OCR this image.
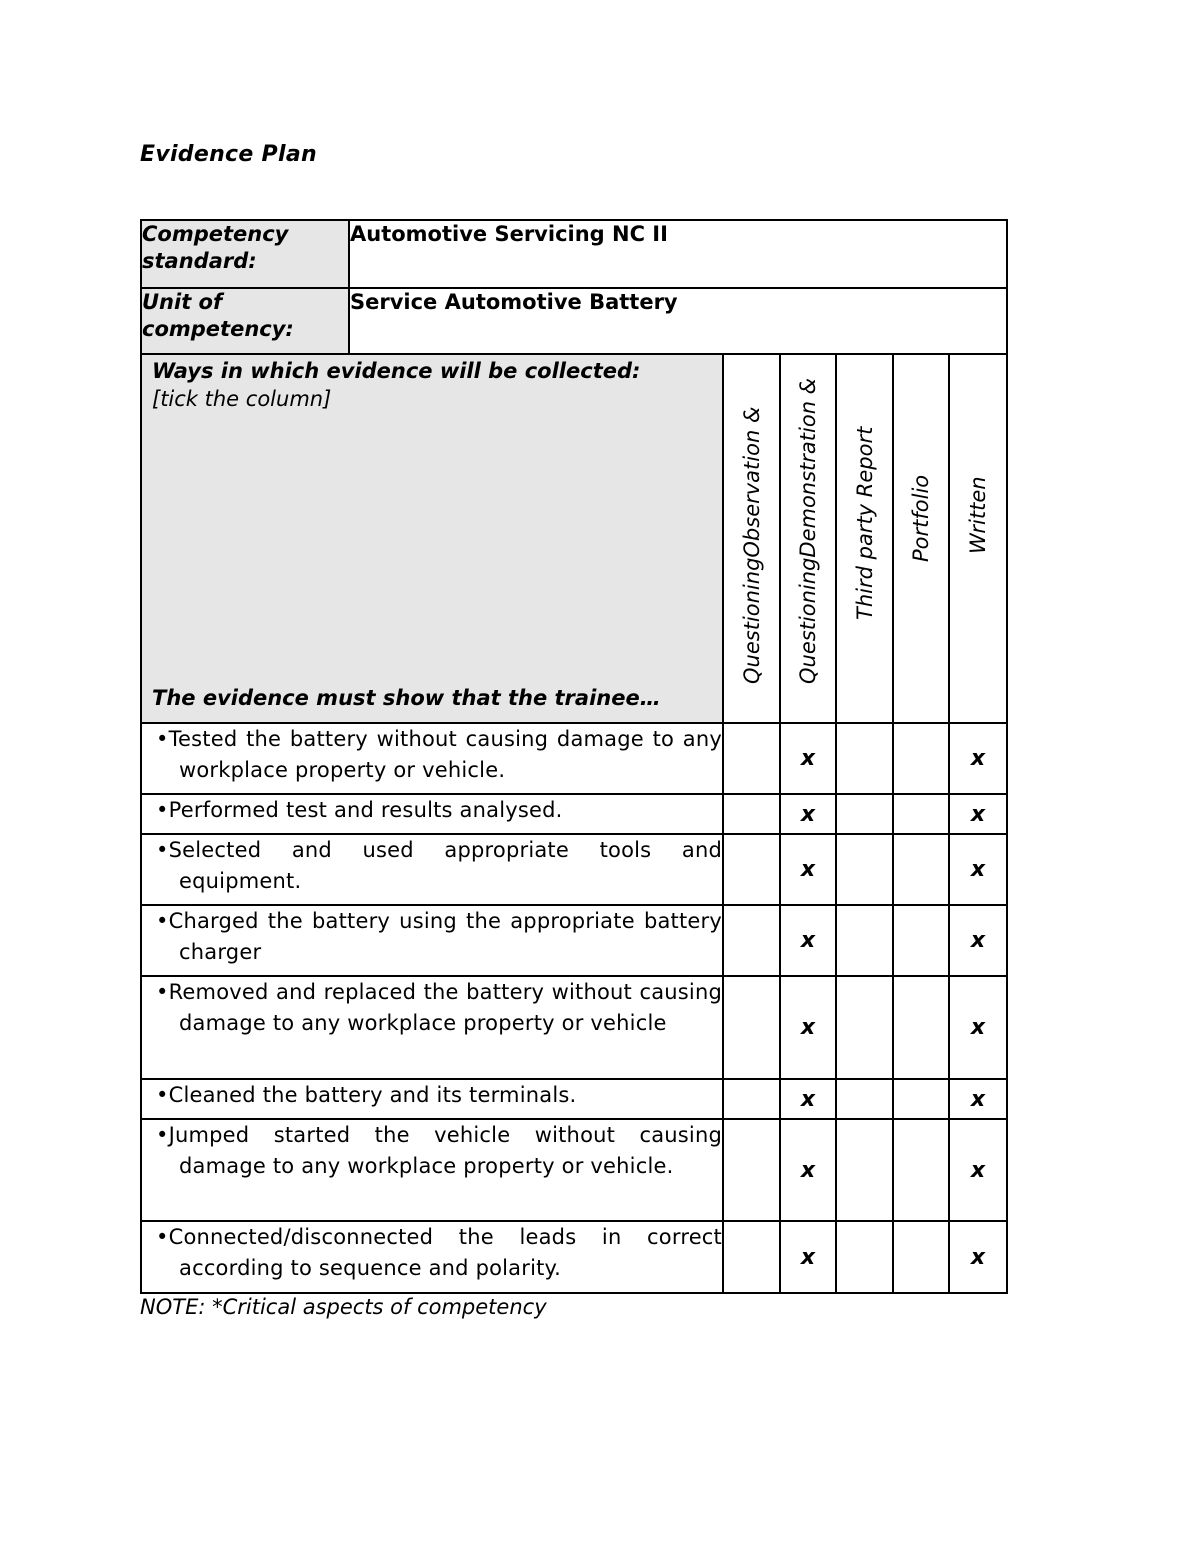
Evidence Plan
Competency standard:	Automotive Servicing NC II					
Unit of competency:	Service Automotive Battery					

Ways in which evidence will be collected:
[tick the column]
The evidence must show that the trainee…		QuestioningObservation &	QuestioningDemonstration &	Third party Report	Portfolio	Written

•Tested the battery without causing damage to any workplace property or vehicle.			x			x

•Performed test and results analysed.			x			x

•Selected and used appropriate tools and equipment.			x			x

•Charged the battery using the appropriate battery charger			x			x

•Removed and replaced the battery without causing damage to any workplace property or vehicle			x			x

•Cleaned the battery and its terminals.			x			x

•Jumped started the vehicle without causing damage to any workplace property or vehicle.			x			x

•Connected/disconnected the leads in correct according to sequence and polarity.			x			x
NOTE: *Critical aspects of competency
